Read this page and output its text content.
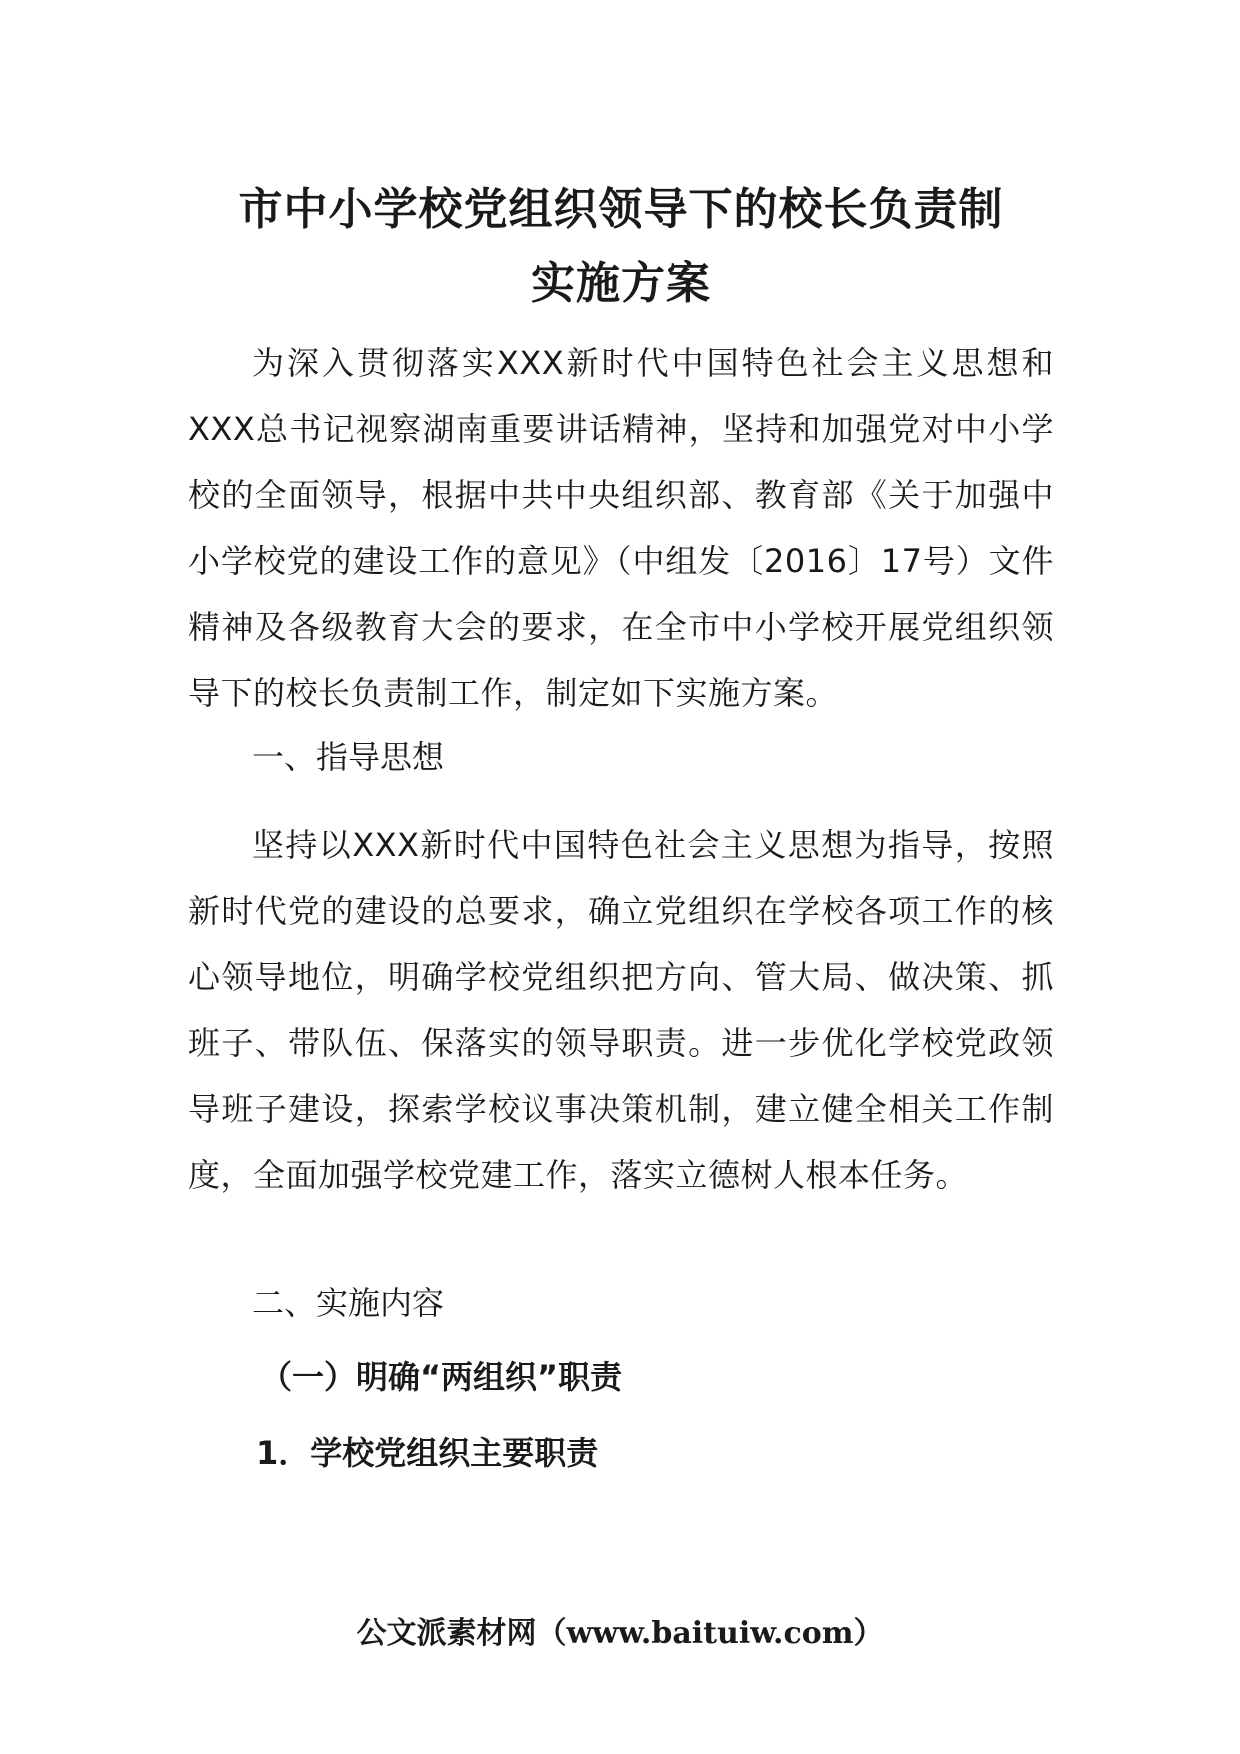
市中小学校党组织领导下的校长负责制
实施方案

为深入贯彻落实XXX新时代中国特色社会主义思想和XXX总书记视察湖南重要讲话精神，坚持和加强党对中小学校的全面领导，根据中共中央组织部、教育部《关于加强中小学校党的建设工作的意见》（中组发〔2016〕17号）文件精神及各级教育大会的要求，在全市中小学校开展党组织领导下的校长负责制工作，制定如下实施方案。

一、指导思想

坚持以XXX新时代中国特色社会主义思想为指导，按照新时代党的建设的总要求，确立党组织在学校各项工作的核心领导地位，明确学校党组织把方向、管大局、做决策、抓班子、带队伍、保落实的领导职责。进一步优化学校党政领导班子建设，探索学校议事决策机制，建立健全相关工作制度，全面加强学校党建工作，落实立德树人根本任务。

二、实施内容

（一）明确“两组织”职责

1．学校党组织主要职责

公文派素材网（www.baituiw.com）
